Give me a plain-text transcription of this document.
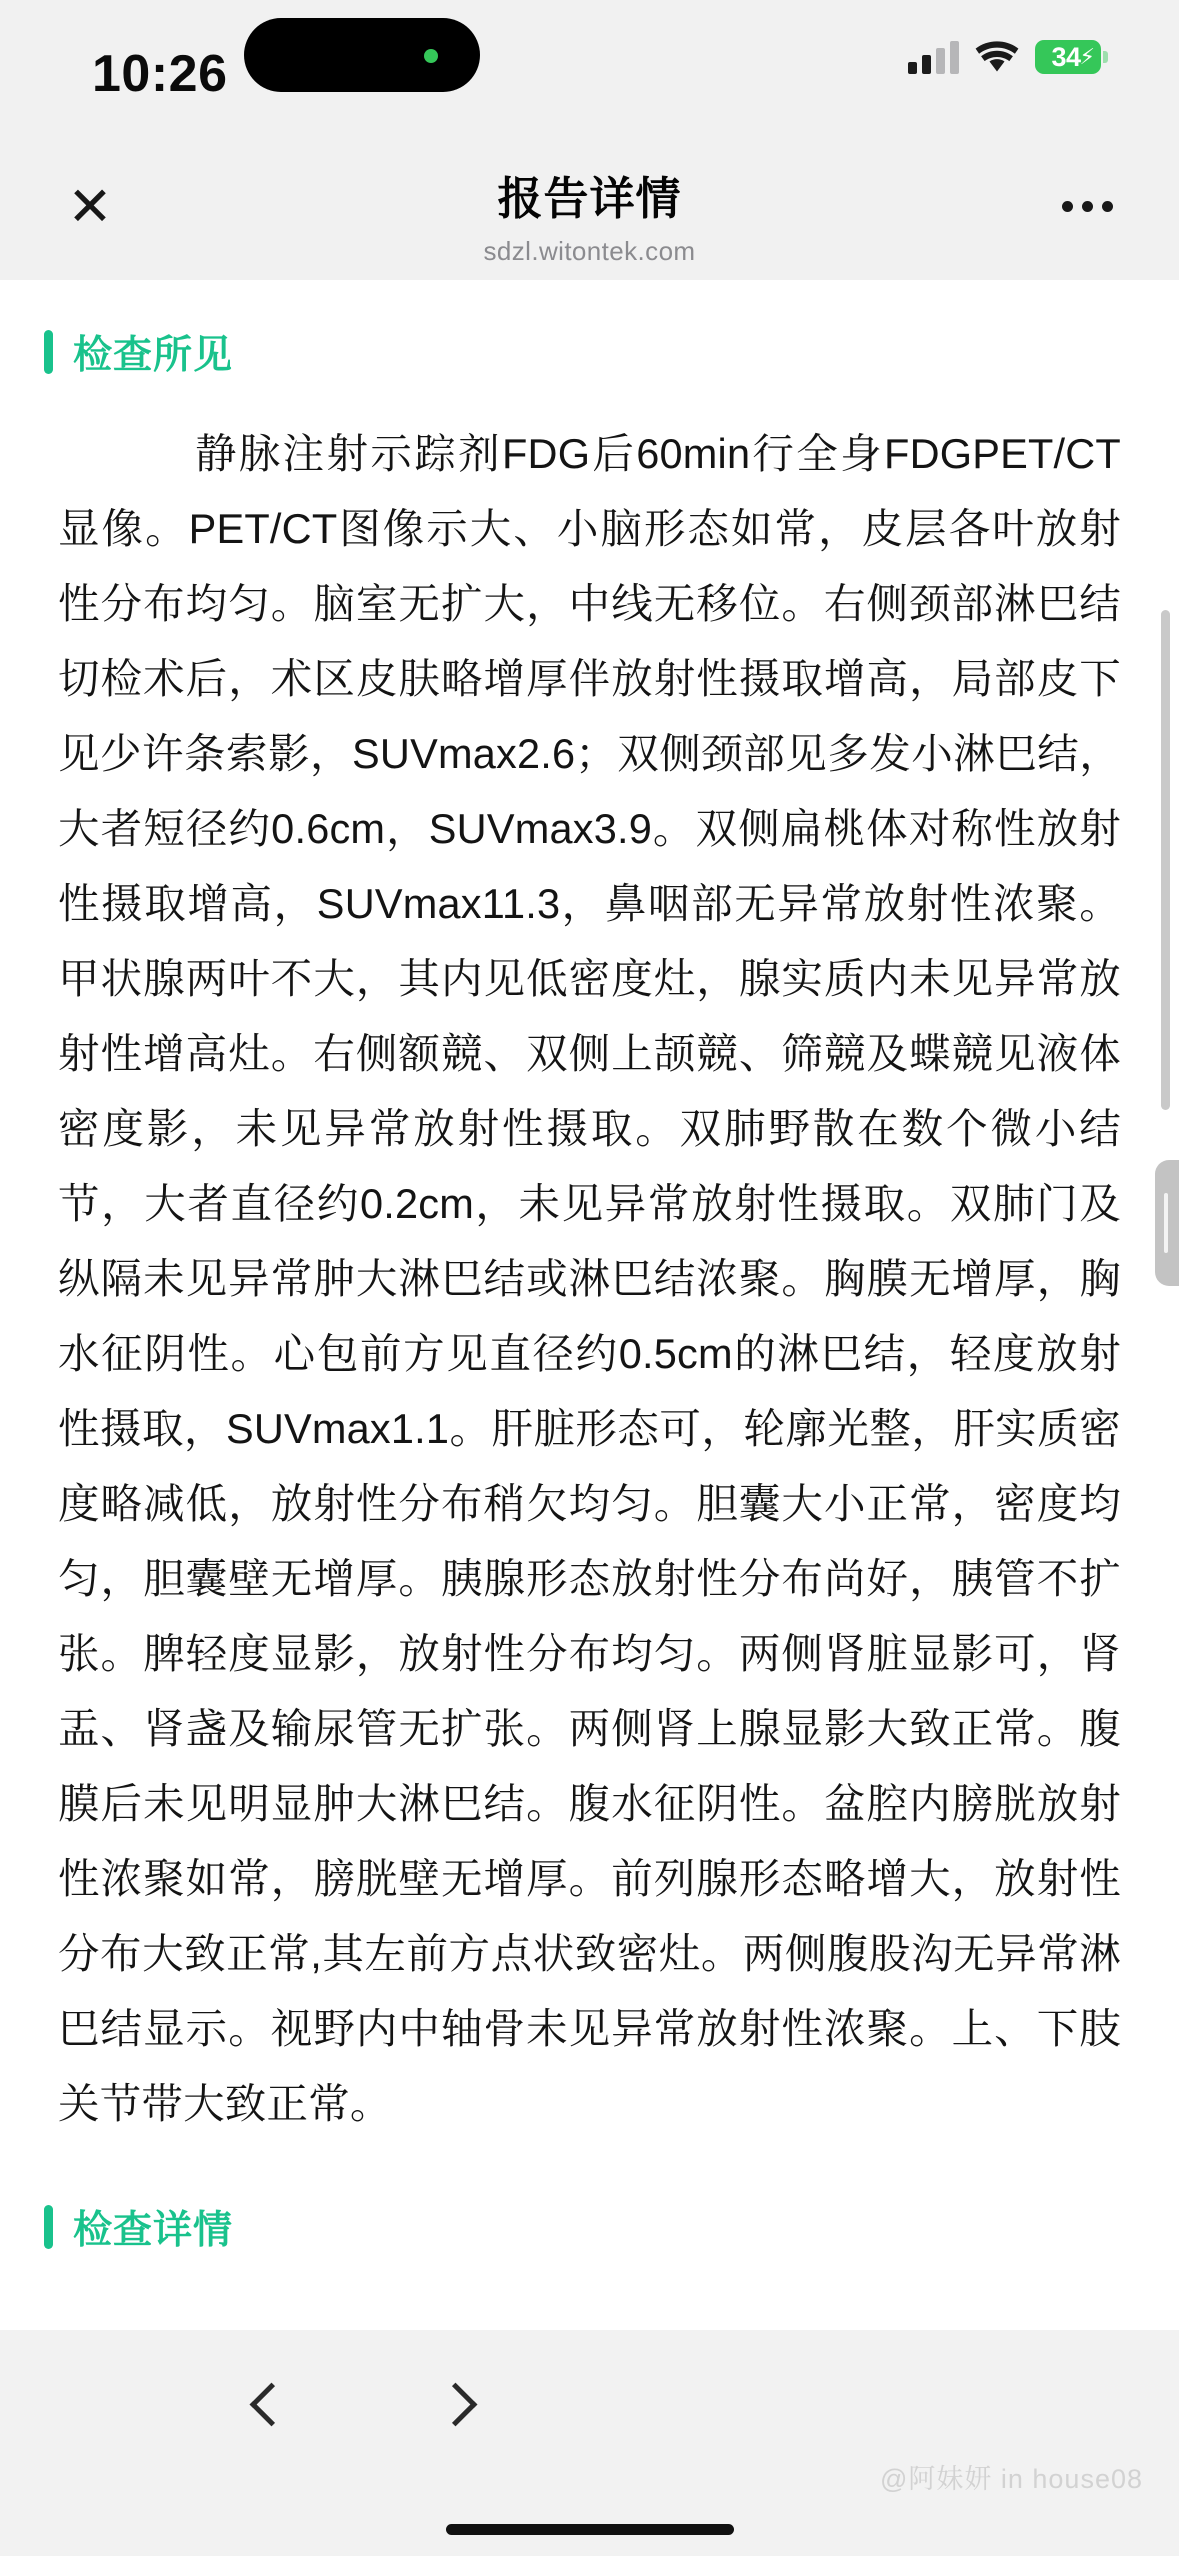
10:26	34 ⚡
✕	报告详情
sdzl.witontek.com
检查所见
静脉注射示踪剂FDG后60min行全身FDGPET/CT显像。PET/CT图像示大、小脑形态如常，皮层各叶放射性分布均匀。脑室无扩大，中线无移位。右侧颈部淋巴结切检术后，术区皮肤略增厚伴放射性摄取增高，局部皮下见少许条索影，SUVmax2.6；双侧颈部见多发小淋巴结，大者短径约0.6cm，SUVmax3.9。双侧扁桃体对称性放射性摄取增高，SUVmax11.3，鼻咽部无异常放射性浓聚。甲状腺两叶不大，其内见低密度灶，腺实质内未见异常放射性增高灶。右侧额競、双侧上颉競、筛競及蝶競见液体密度影，未见异常放射性摄取。双肺野散在数个微小结节，大者直径约0.2cm，未见异常放射性摄取。双肺门及纵隔未见异常肿大淋巴结或淋巴结浓聚。胸膜无增厚，胸水征阴性。心包前方见直径约0.5cm的淋巴结，轻度放射性摄取，SUVmax1.1。肝脏形态可，轮廓光整，肝实质密度略减低，放射性分布稍欠均匀。胆囊大小正常，密度均匀，胆囊壁无增厚。胰腺形态放射性分布尚好，胰管不扩张。脾轻度显影，放射性分布均匀。两侧肾脏显影可，肾盂、肾盏及输尿管无扩张。两侧肾上腺显影大致正常。腹膜后未见明显肿大淋巴结。腹水征阴性。盆腔内膀胱放射性浓聚如常，膀胱壁无增厚。前列腺形态略增大，放射性分布大致正常,其左前方点状致密灶。两侧腹股沟无异常淋巴结显示。视野内中轴骨未见异常放射性浓聚。上、下肢关节带大致正常。
检查详情
@阿妹妍 in house08
